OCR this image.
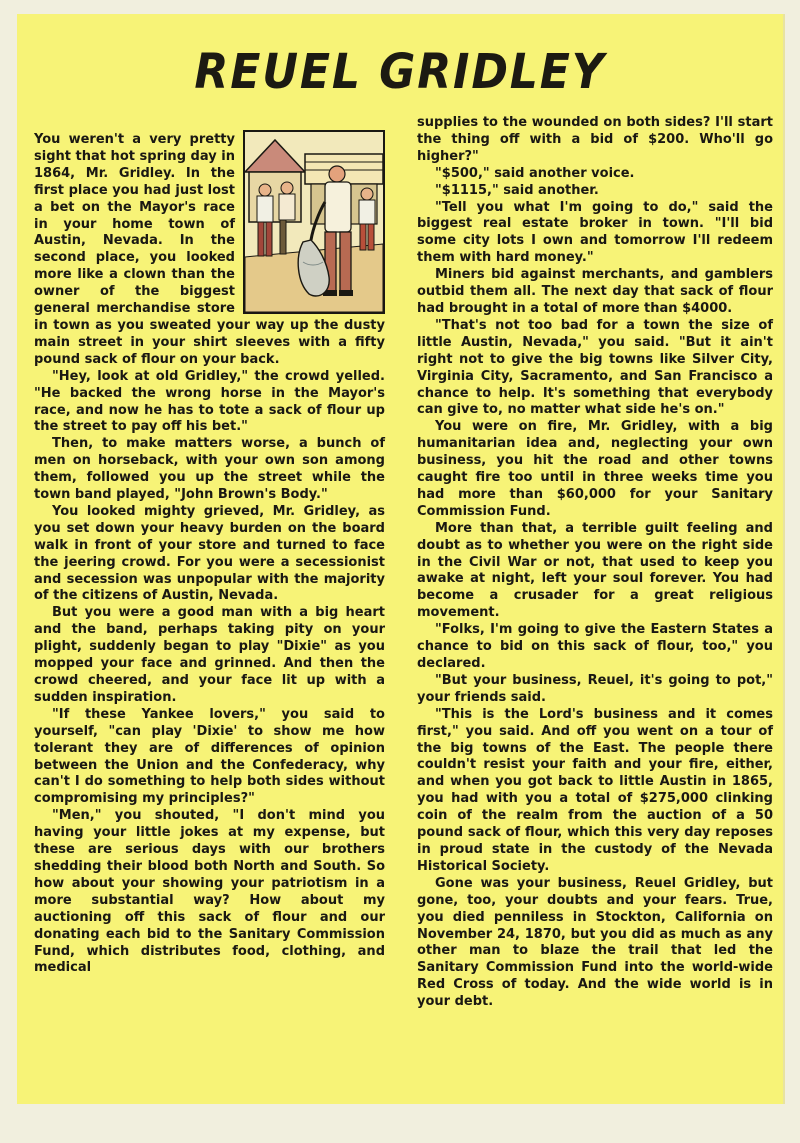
REUEL GRIDLEY

You weren't a very pretty sight that hot spring day in 1864, Mr. Gridley. In the first place you had just lost a bet on the Mayor's race in your home town of Austin, Nevada. In the second place, you looked more like a clown than the owner of the biggest general merchandise store in town as you sweated your way up the dusty main street in your shirt sleeves with a fifty pound sack of flour on your back.

"Hey, look at old Gridley," the crowd yelled. "He backed the wrong horse in the Mayor's race, and now he has to tote a sack of flour up the street to pay off his bet."

Then, to make matters worse, a bunch of men on horseback, with your own son among them, followed you up the street while the town band played, "John Brown's Body."

You looked mighty grieved, Mr. Gridley, as you set down your heavy burden on the board walk in front of your store and turned to face the jeering crowd. For you were a secessionist and secession was unpopular with the majority of the citizens of Austin, Nevada.

But you were a good man with a big heart and the band, perhaps taking pity on your plight, suddenly began to play "Dixie" as you mopped your face and grinned. And then the crowd cheered, and your face lit up with a sudden inspiration.

"If these Yankee lovers," you said to yourself, "can play 'Dixie' to show me how tolerant they are of differences of opinion between the Union and the Confederacy, why can't I do something to help both sides without compromising my principles?"

"Men," you shouted, "I don't mind you having your little jokes at my expense, but these are serious days with our brothers shedding their blood both North and South. So how about your showing your patriotism in a more substantial way? How about my auctioning off this sack of flour and our donating each bid to the Sanitary Commission Fund, which distributes food, clothing, and medical

supplies to the wounded on both sides? I'll start the thing off with a bid of $200. Who'll go higher?"

"$500," said another voice.

"$1115," said another.

"Tell you what I'm going to do," said the biggest real estate broker in town. "I'll bid some city lots I own and tomorrow I'll redeem them with hard money."

Miners bid against merchants, and gamblers outbid them all. The next day that sack of flour had brought in a total of more than $4000.

"That's not too bad for a town the size of little Austin, Nevada," you said. "But it ain't right not to give the big towns like Silver City, Virginia City, Sacramento, and San Francisco a chance to help. It's something that everybody can give to, no matter what side he's on."

You were on fire, Mr. Gridley, with a big humanitarian idea and, neglecting your own business, you hit the road and other towns caught fire too until in three weeks time you had more than $60,000 for your Sanitary Commission Fund.

More than that, a terrible guilt feeling and doubt as to whether you were on the right side in the Civil War or not, that used to keep you awake at night, left your soul forever. You had become a crusader for a great religious movement.

"Folks, I'm going to give the Eastern States a chance to bid on this sack of flour, too," you declared.

"But your business, Reuel, it's going to pot," your friends said.

"This is the Lord's business and it comes first," you said. And off you went on a tour of the big towns of the East. The people there couldn't resist your faith and your fire, either, and when you got back to little Austin in 1865, you had with you a total of $275,000 clinking coin of the realm from the auction of a 50 pound sack of flour, which this very day reposes in proud state in the custody of the Nevada Historical Society.

Gone was your business, Reuel Gridley, but gone, too, your doubts and your fears. True, you died penniless in Stockton, California on November 24, 1870, but you did as much as any other man to blaze the trail that led the Sanitary Commission Fund into the world-wide Red Cross of today. And the wide world is in your debt.
